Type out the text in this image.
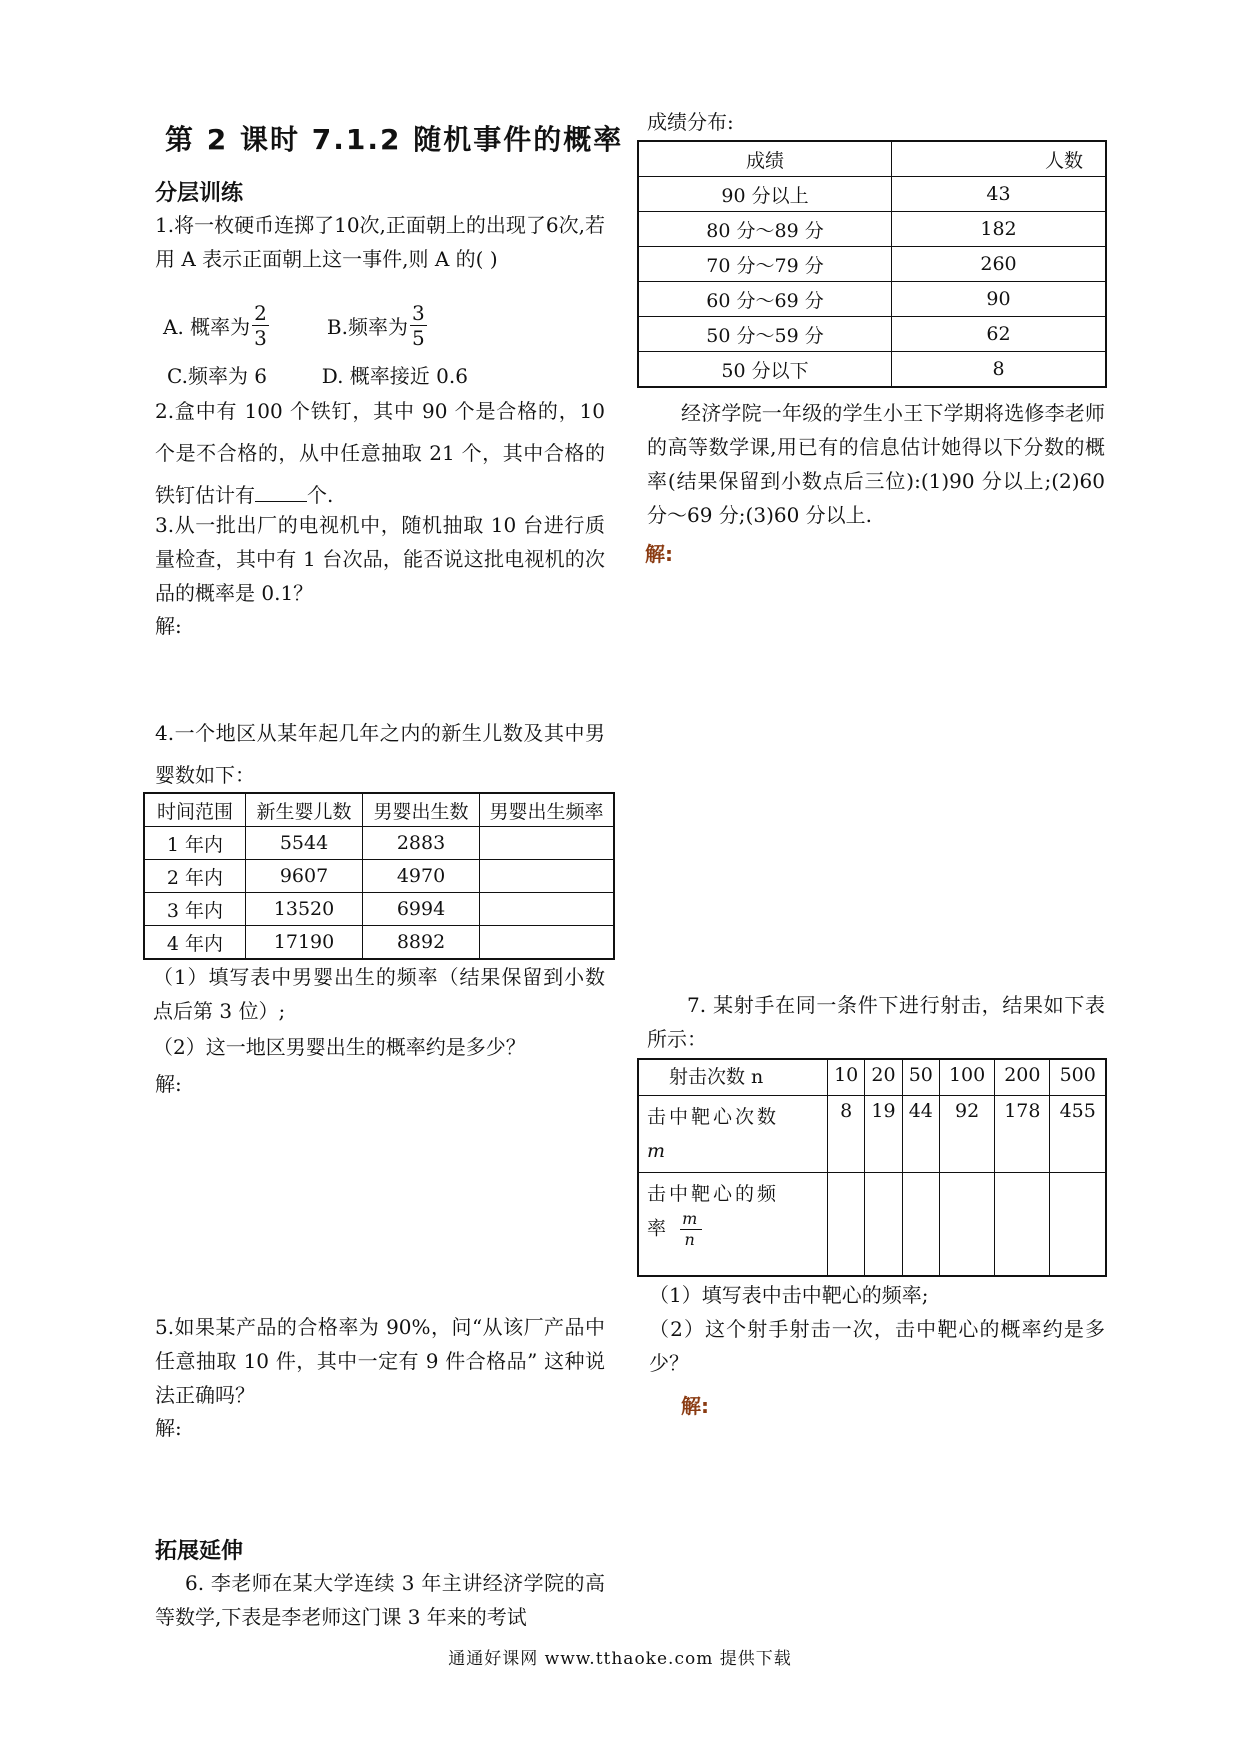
第 2 课时 7.1.2 随机事件的概率
分层训练
1.将一枚硬币连掷了10次,正面朝上的出现了6次,若用 A 表示正面朝上这一事件,则 A 的( )
A. 概率为 $\frac{2}{3}$	B.频率为 $\frac{3}{5}$
C.频率为 6	D. 概率接近 0.6
2.盒中有 100 个铁钉，其中 90 个是合格的，10 个是不合格的，从中任意抽取 21 个，其中合格的铁钉估计有	个.
3.从一批出厂的电视机中，随机抽取 10 台进行质量检查，其中有 1 台次品，能否说这批电视机的次品的概率是 0.1？
解:
4.一个地区从某年起几年之内的新生儿数及其中男婴数如下：
时间范围	新生婴儿数	男婴出生数	男婴出生频率
1 年内	5544	2883	
2 年内	9607	4970	
3 年内	13520	6994	
4 年内	17190	8892	
（1）填写表中男婴出生的频率（结果保留到小数点后第 3 位）;
（2）这一地区男婴出生的概率约是多少？
解:
5.如果某产品的合格率为 90%，问“从该厂产品中任意抽取 10 件，其中一定有 9 件合格品” 这种说法正确吗？
解:
拓展延伸
6. 李老师在某大学连续 3 年主讲经济学院的高等数学,下表是李老师这门课 3 年来的考试
成绩分布:
成绩	人数
90 分以上	43
80 分～89 分	182
70 分～79 分	260
60 分～69 分	90
50 分～59 分	62
50 分以下	8
经济学院一年级的学生小王下学期将选修李老师的高等数学课,用已有的信息估计她得以下分数的概率(结果保留到小数点后三位):(1)90 分以上;(2)60 分～69 分;(3)60 分以上.
解:
7. 某射手在同一条件下进行射击，结果如下表所示：
射击次数 n	10	20	50	100	200	500
击中靶心次数
m	8	19	44	92	178	455
击中靶心的频
率 $\frac{m}{n}$

（1）填写表中击中靶心的频率;
（2）这个射手射击一次，击中靶心的概率约是多少？
解:
通通好课网 www.tthaoke.com 提供下载
